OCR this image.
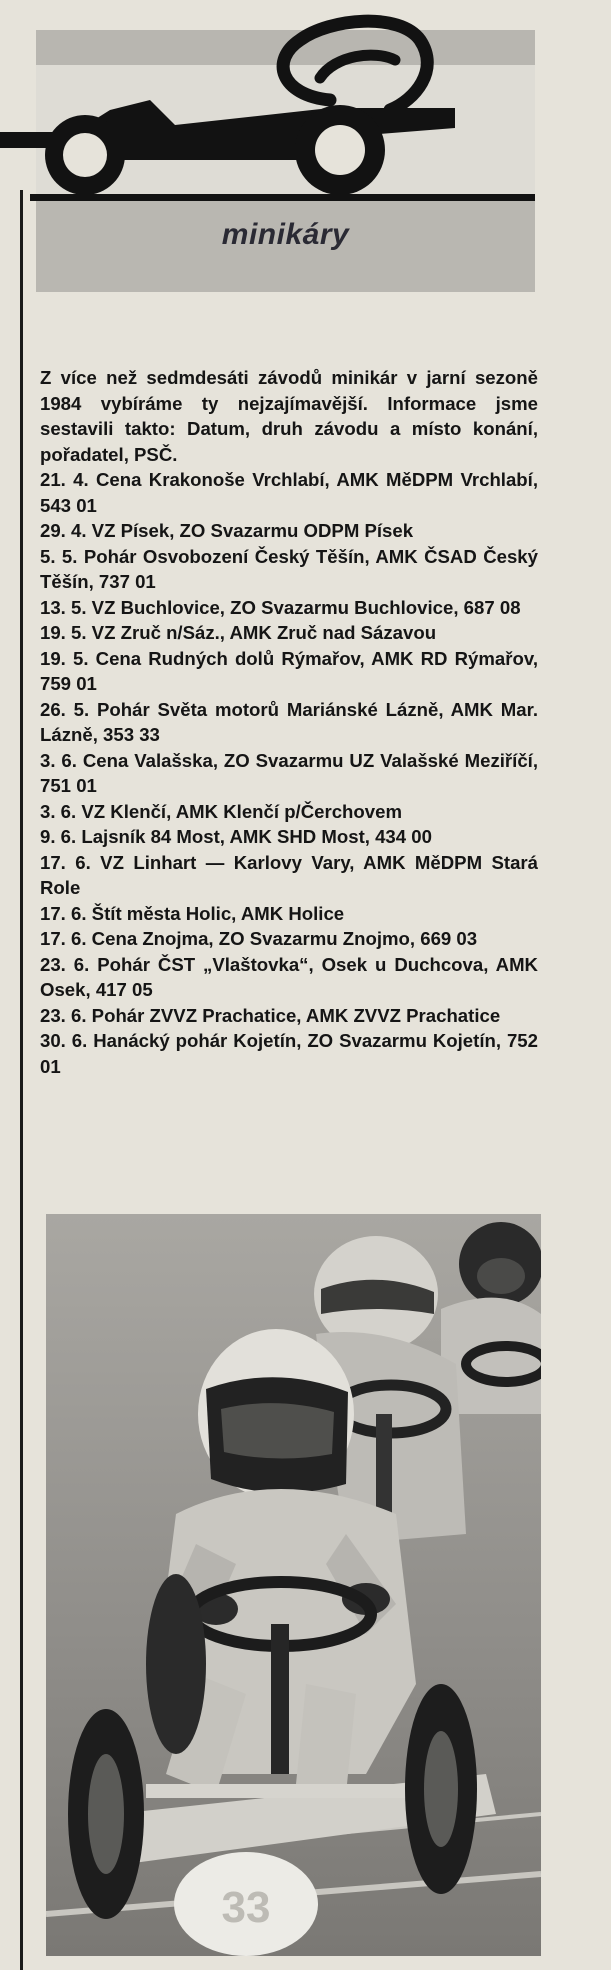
minikáry

Z více než sedmdesáti závodů minikár v jarní sezoně 1984 vybíráme ty nejzajímavější. Informace jsme sestavili takto: Datum, druh závodu a místo konání, pořadatel, PSČ.

21. 4. Cena Krakonoše Vrchlabí, AMK MěDPM Vrchlabí, 543 01

29. 4. VZ Písek, ZO Svazarmu ODPM Písek

5. 5. Pohár Osvobození Český Těšín, AMK ČSAD Český Těšín, 737 01

13. 5. VZ Buchlovice, ZO Svazarmu Buchlovice, 687 08

19. 5. VZ Zruč n/Sáz., AMK Zruč nad Sázavou

19. 5. Cena Rudných dolů Rýmařov, AMK RD Rýmařov, 759 01

26. 5. Pohár Světa motorů Mariánské Lázně, AMK Mar. Lázně, 353 33

3. 6. Cena Valašska, ZO Svazarmu UZ Valašské Meziříčí, 751 01

3. 6. VZ Klenčí, AMK Klenčí p/Čerchovem

9. 6. Lajsník 84 Most, AMK SHD Most, 434 00

17. 6. VZ Linhart — Karlovy Vary, AMK MěDPM Stará Role

17. 6. Štít města Holic, AMK Holice

17. 6. Cena Znojma, ZO Svazarmu Znojmo, 669 03

23. 6. Pohár ČST „Vlaštovka“, Osek u Duchcova, AMK Osek, 417 05

23. 6. Pohár ZVVZ Prachatice, AMK ZVVZ Prachatice

30. 6. Hanácký pohár Kojetín, ZO Svazarmu Kojetín, 752 01

33
